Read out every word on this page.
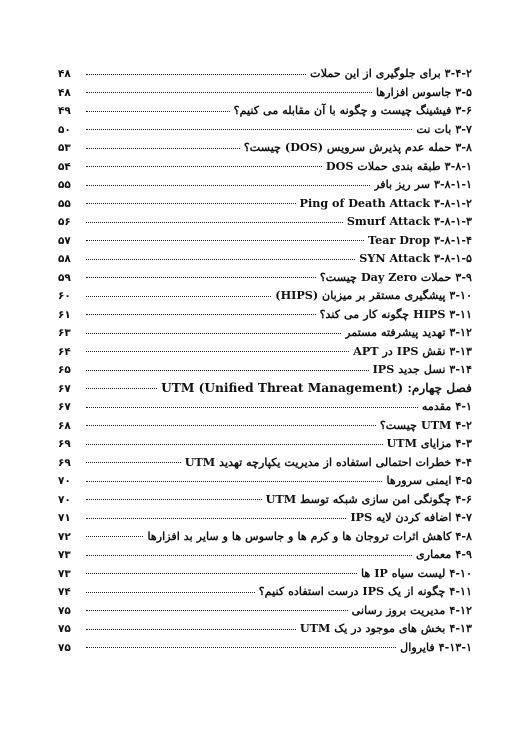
۳-۴-۲ برای جلوگیری از این حملات
۴۸
۳-۵ جاسوس افزارها
۴۸
۳-۶ فیشینگ چیست و چگونه با آن مقابله می کنیم؟
۴۹
۳-۷ بات نت
۵۰
۳-۸ حمله عدم پذیرش سرویس (DOS) چیست؟
۵۳
۳-۸-۱ طبقه بندی حملات DOS
۵۴
۳-۸-۱-۱ سر ریز بافر
۵۵
۳-۸-۱-۲ Ping of Death Attack
۵۵
۳-۸-۱-۳ Smurf Attack
۵۶
۳-۸-۱-۴ Tear Drop
۵۷
۳-۸-۱-۵ SYN Attack
۵۸
۳-۹ حملات Day Zero چیست؟
۵۹
۳-۱۰ پیشگیری مستقر بر میزبان (HIPS)
۶۰
۳-۱۱ HIPS چگونه کار می کند؟
۶۱
۳-۱۲ تهدید پیشرفته مستمر
۶۳
۳-۱۳ نقش IPS در APT
۶۴
۳-۱۴ نسل جدید IPS
۶۵
فصل چهارم: (Unified Threat Management) UTM
۶۷
۴-۱ مقدمه
۶۷
۴-۲ UTM چیست؟
۶۸
۴-۳ مزایای UTM
۶۹
۴-۴ خطرات احتمالی استفاده از مدیریت یکپارچه تهدید UTM
۶۹
۴-۵ ایمنی سرورها
۷۰
۴-۶ چگونگی امن سازی شبکه توسط UTM
۷۰
۴-۷ اضافه کردن لایه IPS
۷۱
۴-۸ کاهش اثرات تروجان ها و کرم ها و جاسوس ها و سایر بد افزارها
۷۲
۴-۹ معماری
۷۳
۴-۱۰ لیست سیاه IP ها
۷۳
۴-۱۱ چگونه از یک IPS درست استفاده کنیم؟
۷۴
۴-۱۲ مدیریت بروز رسانی
۷۵
۴-۱۳ بخش های موجود در یک UTM
۷۵
۴-۱۳-۱ فایروال
۷۵
